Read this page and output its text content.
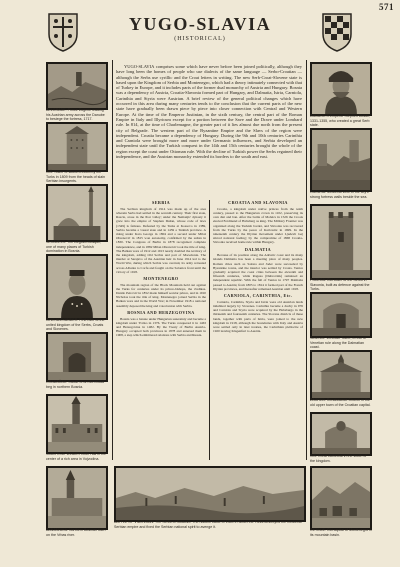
571
YUGO-SLAVIA
(HISTORICAL)
BELGRADE. Prince Eugene leading his Austrian army across the Danube to besiege the fortress, 1717.
NIŠ. Tower of skulls erected by the Turks in 1809 from the heads of slain Serbian insurgents.
SERAJEVO. The Begova Mosque, one of many places of Turkish domination in Bosnia.
KING ALEXANDER. First ruler of the united kingdom of the Serbs, Croats and Slovenes.
GRADAČAC. Castle of an old feudal beg in northern Bosnia.
SUBOTICA. Western Town Hall in the center of a rich area in Vojvodina.
DAIJANO'S Emperor Stephen Dušan, 1331-1355, who created a great Serb state.
RAGUSA. Medieval view of the city's strong fortress walls beside the sea.
POZEGA. Old tower of the Serbs in Slavonia, built as defence against the Turks.
ŠIBENIK. Venetian Tower, a relic of Venetian rule along the Dalmatian coast.
ZAGREB. Renaissance Church in the old upper town of the Croatian capital.
NIŠ. Great cathedral in the south of the kingdom.
YUGO-SLAVIA comprises some which have never before been joined politically, although they have long been the homes of people who use dialects of the same language — Serbo-Croatian — although the Serbs use cyrillic and the Croat letters in writing. The new Serb-Croat-Slovene state is based upon the Kingdom of Serbia and Montenegro, which had a theory intimately connected with that of Turkey in Europe, and it includes parts of the former dual monarchy of Austria and Hungary. Bosnia was a dependency of Austria, Croatia-Slavonia formed part of Hungary, and Dalmatia, Istria, Carniola, Carinthia and Styria were Austrian. A brief review of the general political changes which have occurred in this area during many centuries tends to the conclusion that the current parts of the new state have gradually been drawn piece by piece into closer connection with Central and Western Europe. At the time of the Emperor Justinian, in the sixth century, the central part of the Roman Empire in Italy and Illyricum except for a portion between the Save and the Drave under Lombard rule. In 814, at the time of Charlemagne, the greater part of it lies almost due north from the present city of Belgrade. The western part of the Byzantine Empire and the Slavs of the region were independent. Croatia became a dependency of Hungary. During the 9th and 10th centuries Carinthia and Carniola were brought more and more under Germanic influences, and Serbia developed an independent state until the Turkish conquest in the 14th and 15th centuries brought the whole of the region except the coast under Ottoman rule. With the decline of Turkish power the Serbs regained their independence, and the Austrian monarchy extended its borders to the south and east.
SERBIA
The Serbian kingdom of 1914 was made up of the area wherein Serbs had settled in the seventh century. Their first state, Rascia, arose in the Ibar valley; under the Nemanjić dynasty it grew into the empire of Stephen Dušan, whose code of laws (1349) is famous. Defeated by the Turks at Kossovo in 1389, Serbia became a vassal state and in 1459 a Turkish province. A rising under Kara George in 1804 and a second under Miloš Obrenović in 1815 won autonomy, confirmed by the sultan in 1830. The Congress of Berlin in 1878 recognized complete independence, and in 1882 Milan Obrenović took the title of king. The Balkan wars of 1912 and 1913 nearly doubled the territory of the kingdom, adding Old Serbia and part of Macedonia. The murder at Sarajevo of the Austrian heir in June 1914 led to the World War, during which Serbia was overrun; its army retreated across Albania to Corfu and fought on the Salonica front until the victory of 1918.
MONTENEGRO
The mountain region of the Black Mountain held out against the Turks for centuries under its prince-bishops, the vladikas. Danilo Petrović in 1852 made himself secular prince, and in 1910 Nicholas took the title of king. Montenegro joined Serbia in the Balkan wars and in the World War; in November 1918 a national assembly deposed the king and voted union with Serbia.
BOSNIA AND HERZEGOVINA
Bosnia was a banate under Hungarian suzerainty and became a kingdom under Tvrtko in 1376. The Turks conquered it in 1463 and Herzegovina in 1482. By the Treaty of Berlin Austria-Hungary occupied both provinces in 1878 and annexed them in 1908, a step which embittered relations with Serbia and Russia.
CROATIA AND SLAVONIA
Croatia, a kingdom under native princes from the tenth century, passed to the Hungarian crown in 1102, preserving its own diet and ban. After the battle of Mohács in 1526 the Croats elected Ferdinand of Habsburg as king. The Military Frontier was organized along the Turkish border, and Slavonia was recovered from the Turks by the peace of Karlowitz in 1699. In the nineteenth century the Illyrian movement under Ljudevit Gaj stirred national feeling; by the compromise of 1868 Croatia-Slavonia received home rule within Hungary.
DALMATIA
Because of its position along the Adriatic coast and its many islands Dalmatia has been a meeting place of many peoples. Roman cities such as Salona and Jader were succeeded by Byzantine towns, and the interior was settled by Croats. Venice gradually acquired the coast cities between the eleventh and fifteenth centuries, while Ragusa (Dubrovnik) remained an independent republic. With the fall of Venice in 1797 Dalmatia passed to Austria; from 1805 to 1814 it formed part of the French Illyrian provinces, and thereafter remained Austrian until 1918.
CARNIOLA, CARINTHIA, Etc.
Carniola, Carinthia, Styria and Istria were old Austrian lands inhabited largely by Slovenes. Carinthia became a duchy in 976 and Carniola and Styria were acquired by the Habsburgs in the thirteenth and fourteenth centuries. The Slovene districts of these lands, together with parts of Istria, were joined to the new kingdom in 1918, although the boundaries with Italy and Austria were settled only in later treaties, the Carinthian plebiscite of 1920 leaving Klagenfurt to Austria.
BANJALUKA. Northern Bosnian town on the Vrbas river.
BATTLE OF VIDOVDAN. The Serbs of Kossovo. The historic battle of 1389 in which the Turks destroyed the medieval Serbian empire and fixed the Serbian national spirit to avenge it.
CETINJE. Old capital of Montenegro in its mountain basin.
